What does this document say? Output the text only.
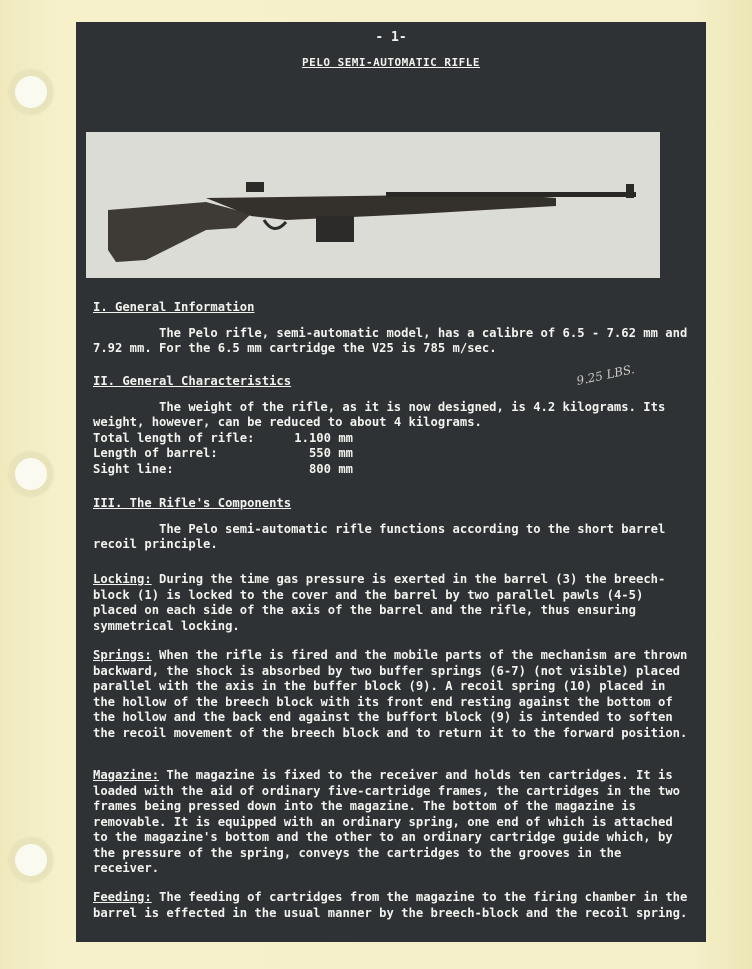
- 1-
PELO SEMI-AUTOMATIC RIFLE
I. General Information
The Pelo rifle, semi-automatic model, has a calibre of 6.5 - 7.62 mm and 7.92 mm. For the 6.5 mm cartridge the V25 is 785 m/sec.
II. General Characteristics
The weight of the rifle, as it is now designed, is 4.2 kilograms. Its weight, however, can be reduced to about 4 kilograms.
Total length of rifle:	1.100 mm
Length of barrel:	550 mm
Sight line:	800 mm
9.25 LBS.
III. The Rifle's Components
The Pelo semi-automatic rifle functions according to the short barrel recoil principle.
Locking: During the time gas pressure is exerted in the barrel (3) the breech-block (1) is locked to the cover and the barrel by two parallel pawls (4-5) placed on each side of the axis of the barrel and the rifle, thus ensuring symmetrical locking.
Springs: When the rifle is fired and the mobile parts of the mechanism are thrown backward, the shock is absorbed by two buffer springs (6-7) (not visible) placed parallel with the axis in the buffer block (9). A recoil spring (10) placed in the hollow of the breech block with its front end resting against the bottom of the hollow and the back end against the buffort block (9) is intended to soften the recoil movement of the breech block and to return it to the forward position.
Magazine: The magazine is fixed to the receiver and holds ten cartridges. It is loaded with the aid of ordinary five-cartridge frames, the cartridges in the two frames being pressed down into the magazine. The bottom of the magazine is removable. It is equipped with an ordinary spring, one end of which is attached to the magazine's bottom and the other to an ordinary cartridge guide which, by the pressure of the spring, conveys the cartridges to the grooves in the receiver.
Feeding: The feeding of cartridges from the magazine to the firing chamber in the barrel is effected in the usual manner by the breech-block and the recoil spring.
